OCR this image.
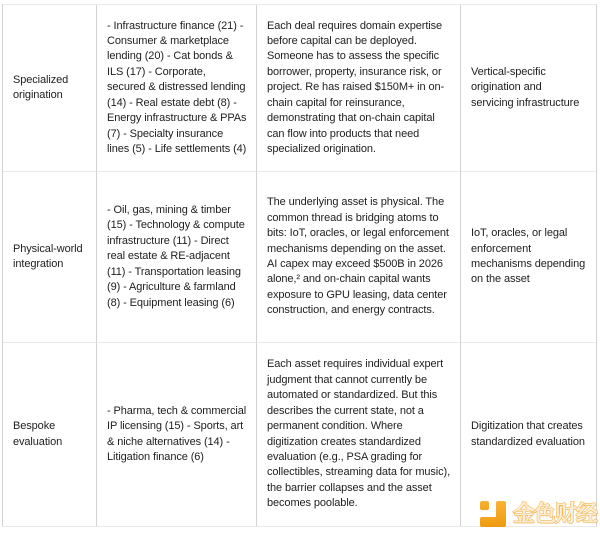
Specialized origination
- Infrastructure finance (21) - Consumer & marketplace lending (20) - Cat bonds & ILS (17) - Corporate, secured & distressed lending (14) - Real estate debt (8) - Energy infrastructure & PPAs (7) - Specialty insurance lines (5) - Life settlements (4)
Each deal requires domain expertise before capital can be deployed. Someone has to assess the specific borrower, property, insurance risk, or project. Re has raised $150M+ in on-chain capital for reinsurance, demonstrating that on-chain capital can flow into products that need specialized origination.
Vertical-specific origination and servicing infrastructure
Physical-world integration
- Oil, gas, mining & timber (15) - Technology & compute infrastructure (11) - Direct real estate & RE-adjacent (11) - Transportation leasing (9) - Agriculture & farmland (8) - Equipment leasing (6)
The underlying asset is physical. The common thread is bridging atoms to bits: IoT, oracles, or legal enforcement mechanisms depending on the asset. AI capex may exceed $500B in 2026 alone,² and on-chain capital wants exposure to GPU leasing, data center construction, and energy contracts.
IoT, oracles, or legal enforcement mechanisms depending on the asset
Bespoke evaluation
- Pharma, tech & commercial IP licensing (15) - Sports, art & niche alternatives (14) - Litigation finance (6)
Each asset requires individual expert judgment that cannot currently be automated or standardized. But this describes the current state, not a permanent condition. Where digitization creates standardized evaluation (e.g., PSA grading for collectibles, streaming data for music), the barrier collapses and the asset becomes poolable.
Digitization that creates standardized evaluation
金色财经
